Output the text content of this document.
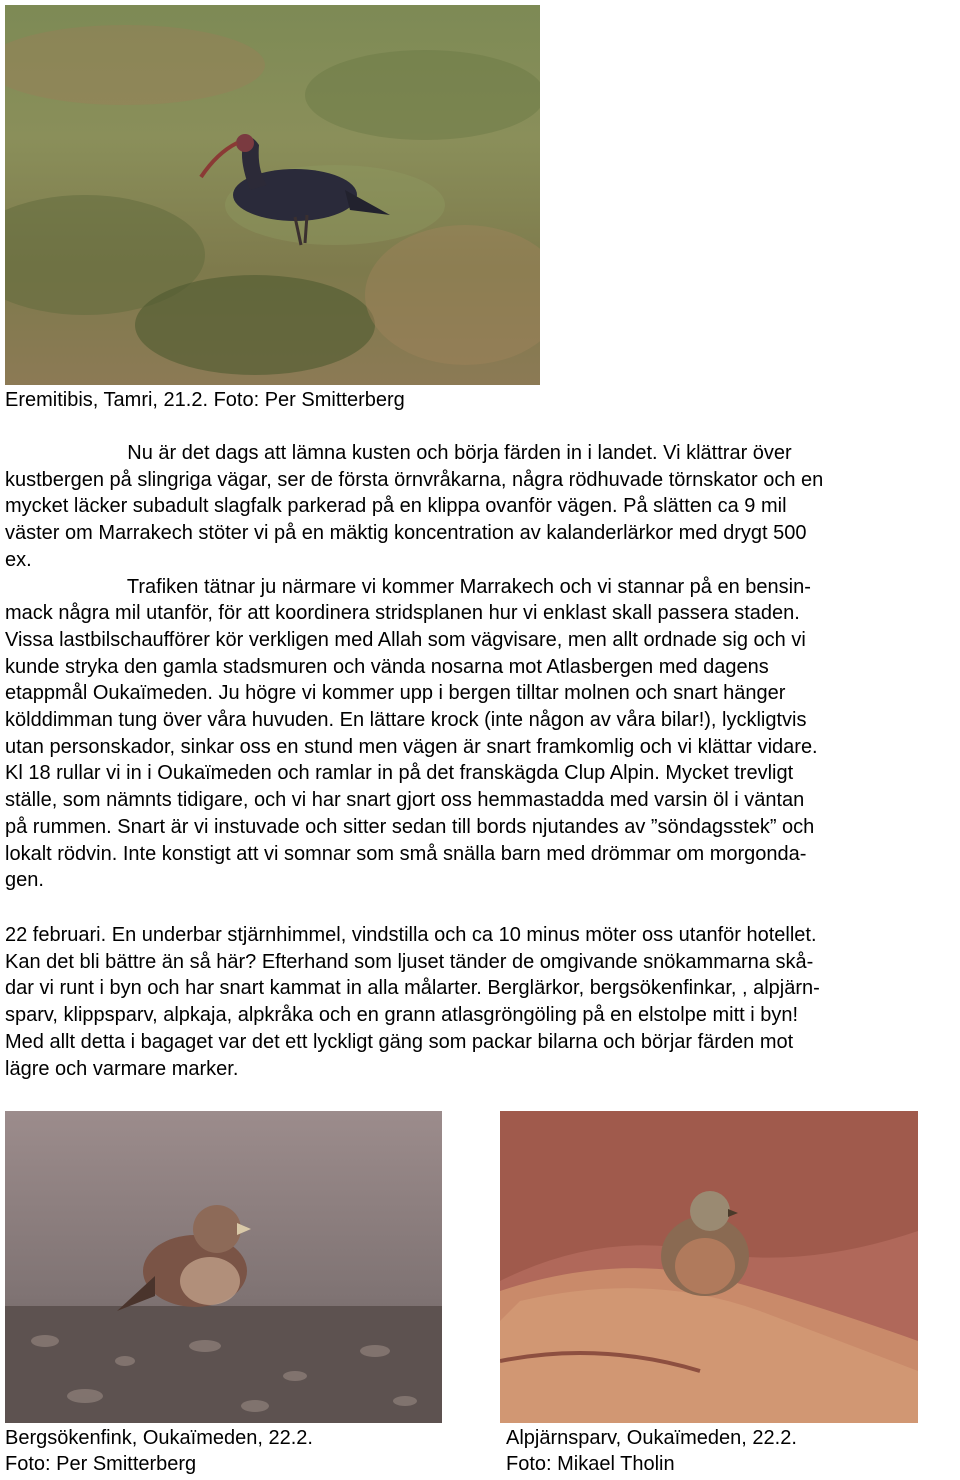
Eremitibis, Tamri, 21.2. Foto: Per Smitterberg
Nu är det dags att lämna kusten och börja färden in i landet. Vi klättrar över
kustbergen på slingriga vägar, ser de första örnvråkarna, några rödhuvade törnskator och en
mycket läcker subadult slagfalk parkerad på en klippa ovanför vägen. På slätten ca 9 mil
väster om Marrakech stöter vi på en mäktig koncentration av kalanderlärkor med drygt 500
ex.
Trafiken tätnar ju närmare vi kommer Marrakech och vi stannar på en bensin-
mack några mil utanför, för att koordinera stridsplanen hur vi enklast skall passera staden.
Vissa lastbilschaufförer kör verkligen med Allah som vägvisare, men allt ordnade sig och vi
kunde stryka den gamla stadsmuren och vända nosarna mot Atlasbergen med dagens
etappmål Oukaïmeden. Ju högre vi kommer upp i bergen tilltar molnen och snart hänger
kölddimman tung över våra huvuden. En lättare krock (inte någon av våra bilar!), lyckligtvis
utan personskador, sinkar oss en stund men vägen är snart framkomlig och vi klättar vidare.
Kl 18 rullar vi in i Oukaïmeden och ramlar in på det franskägda Clup Alpin. Mycket trevligt
ställe, som nämnts tidigare, och vi har snart gjort oss hemmastadda med varsin öl i väntan
på rummen. Snart är vi instuvade och sitter sedan till bords njutandes av ”söndagsstek” och
lokalt rödvin. Inte konstigt att vi somnar som små snälla barn med drömmar om morgonda-
gen.
22 februari. En underbar stjärnhimmel, vindstilla och ca 10 minus möter oss utanför hotellet.
Kan det bli bättre än så här? Efterhand som ljuset tänder de omgivande snökammarna skå-
dar vi runt i byn och har snart kammat in alla målarter. Berglärkor, bergsökenfinkar, , alpjärn-
sparv, klippsparv, alpkaja, alpkråka och en grann atlasgröngöling på en elstolpe mitt i byn!
Med allt detta i bagaget var det ett lyckligt gäng som packar bilarna och börjar färden mot
lägre och varmare marker.
Bergsökenfink, Oukaïmeden, 22.2.
Foto: Per Smitterberg
Alpjärnsparv, Oukaïmeden, 22.2.
Foto: Mikael Tholin
